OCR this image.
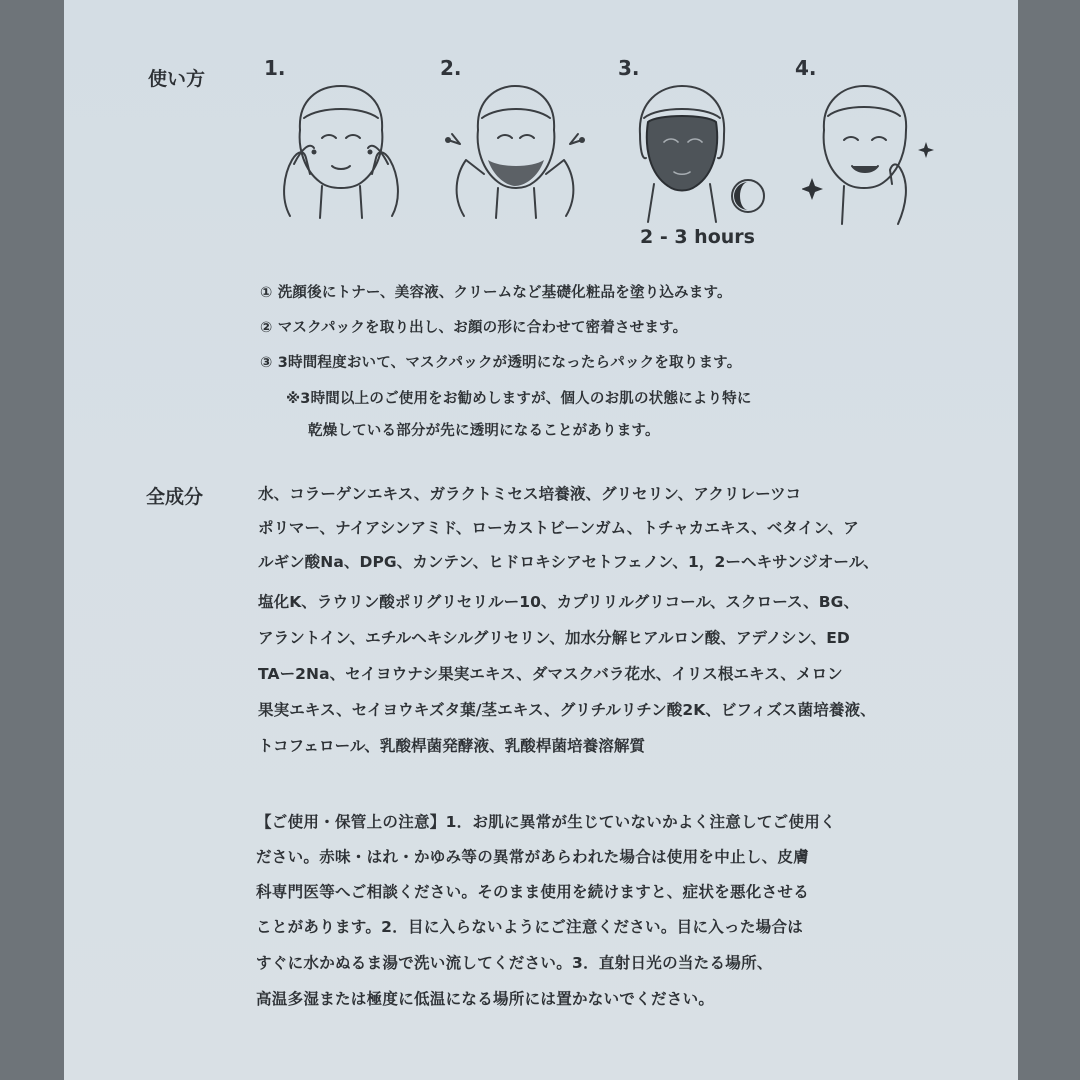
使い方	1.	2.	3.	4.
2 - 3 hours
① 洗顔後にトナー、美容液、クリームなど基礎化粧品を塗り込みます。
② マスクパックを取り出し、お顔の形に合わせて密着させます。
③ 3時間程度おいて、マスクパックが透明になったらパックを取ります。
※3時間以上のご使用をお勧めしますが、個人のお肌の状態により特に
乾燥している部分が先に透明になることがあります。
全成分	水、コラーゲンエキス、ガラクトミセス培養液、グリセリン、アクリレーツコ
ポリマー、ナイアシンアミド、ローカストビーンガム、トチャカエキス、ベタイン、ア
ルギン酸Na、DPG、カンテン、ヒドロキシアセトフェノン、1，2ーヘキサンジオール、
塩化K、ラウリン酸ポリグリセリルー10、カプリリルグリコール、スクロース、BG、
アラントイン、エチルヘキシルグリセリン、加水分解ヒアルロン酸、アデノシン、ED
TAー2Na、セイヨウナシ果実エキス、ダマスクバラ花水、イリス根エキス、メロン
果実エキス、セイヨウキズタ葉/茎エキス、グリチルリチン酸2K、ビフィズス菌培養液、
トコフェロール、乳酸桿菌発酵液、乳酸桿菌培養溶解質
【ご使用・保管上の注意】1．お肌に異常が生じていないかよく注意してご使用く
ださい。赤味・はれ・かゆみ等の異常があらわれた場合は使用を中止し、皮膚
科専門医等へご相談ください。そのまま使用を続けますと、症状を悪化させる
ことがあります。2．目に入らないようにご注意ください。目に入った場合は
すぐに水かぬるま湯で洗い流してください。3．直射日光の当たる場所、
高温多湿または極度に低温になる場所には置かないでください。
